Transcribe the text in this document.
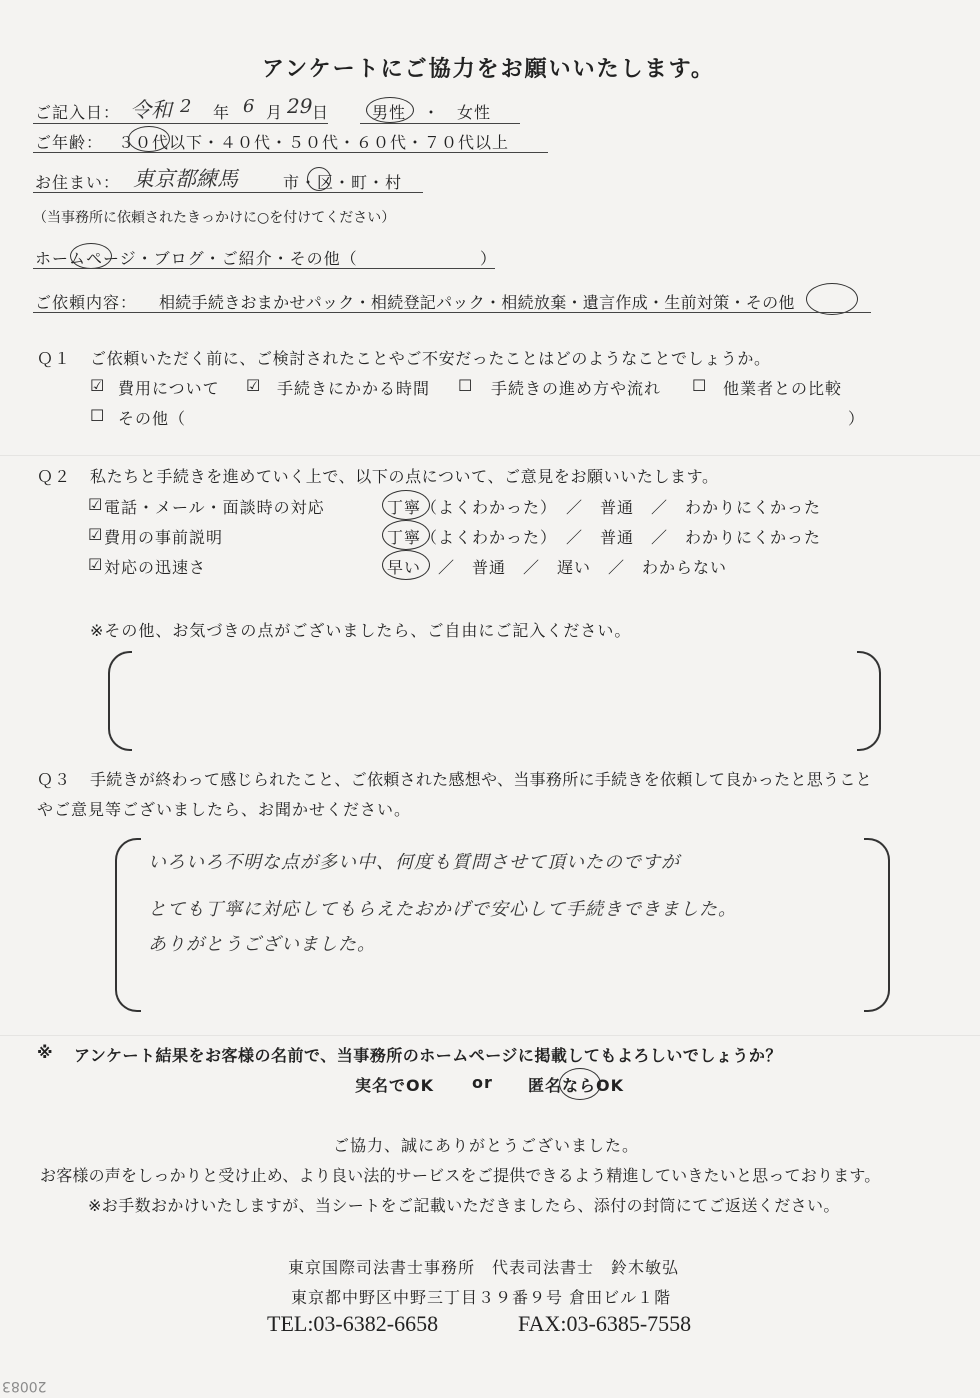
アンケートにご協力をお願いいたします。
ご記入日： 令和 2 年 6 月 29 日	男性　・　女性
ご年齢： ３０代以下・４０代・５０代・６０代・７０代以上
お住まい： 東京都練馬	市・区・町・村
（当事務所に依頼されたきっかけに○を付けてください）
ホームページ・ブログ・ご紹介・その他（	）
ご依頼内容： 相続手続きおまかせパック・相続登記パック・相続放棄・遺言作成・生前対策・その他
Ｑ１ ご依頼いただく前に、ご検討されたことやご不安だったことはどのようなことでしょうか。
☑ 費用について ☑ 手続きにかかる時間 ☐ 手続きの進め方や流れ ☐ 他業者との比較
☐ その他（	）
Ｑ２ 私たちと手続きを進めていく上で、以下の点について、ご意見をお願いいたします。
☑ 電話・メール・面談時の対応	丁寧（よくわかった）　／　普通　／　わかりにくかった
☑ 費用の事前説明	丁寧（よくわかった）　／　普通　／　わかりにくかった
☑ 対応の迅速さ	早い　／　普通　／　遅い　／　わからない
※その他、お気づきの点がございましたら、ご自由にご記入ください。
Ｑ３ 手続きが終わって感じられたこと、ご依頼された感想や、当事務所に手続きを依頼して良かったと思うこと
やご意見等ございましたら、お聞かせください。
いろいろ不明な点が多い中、何度も質問させて頂いたのですが
とても丁寧に対応してもらえたおかげで安心して手続きできました。
ありがとうございました。
※ アンケート結果をお客様の名前で、当事務所のホームページに掲載してもよろしいでしょうか？
実名でOK or 匿名ならOK
ご協力、誠にありがとうございました。
お客様の声をしっかりと受け止め、より良い法的サービスをご提供できるよう精進していきたいと思っております。
※お手数おかけいたしますが、当シートをご記載いただきましたら、添付の封筒にてご返送ください。
東京国際司法書士事務所　代表司法書士　鈴木敏弘
東京都中野区中野三丁目３９番９号 倉田ビル１階
TEL:03-6382-6658	FAX:03-6385-7558
20083
